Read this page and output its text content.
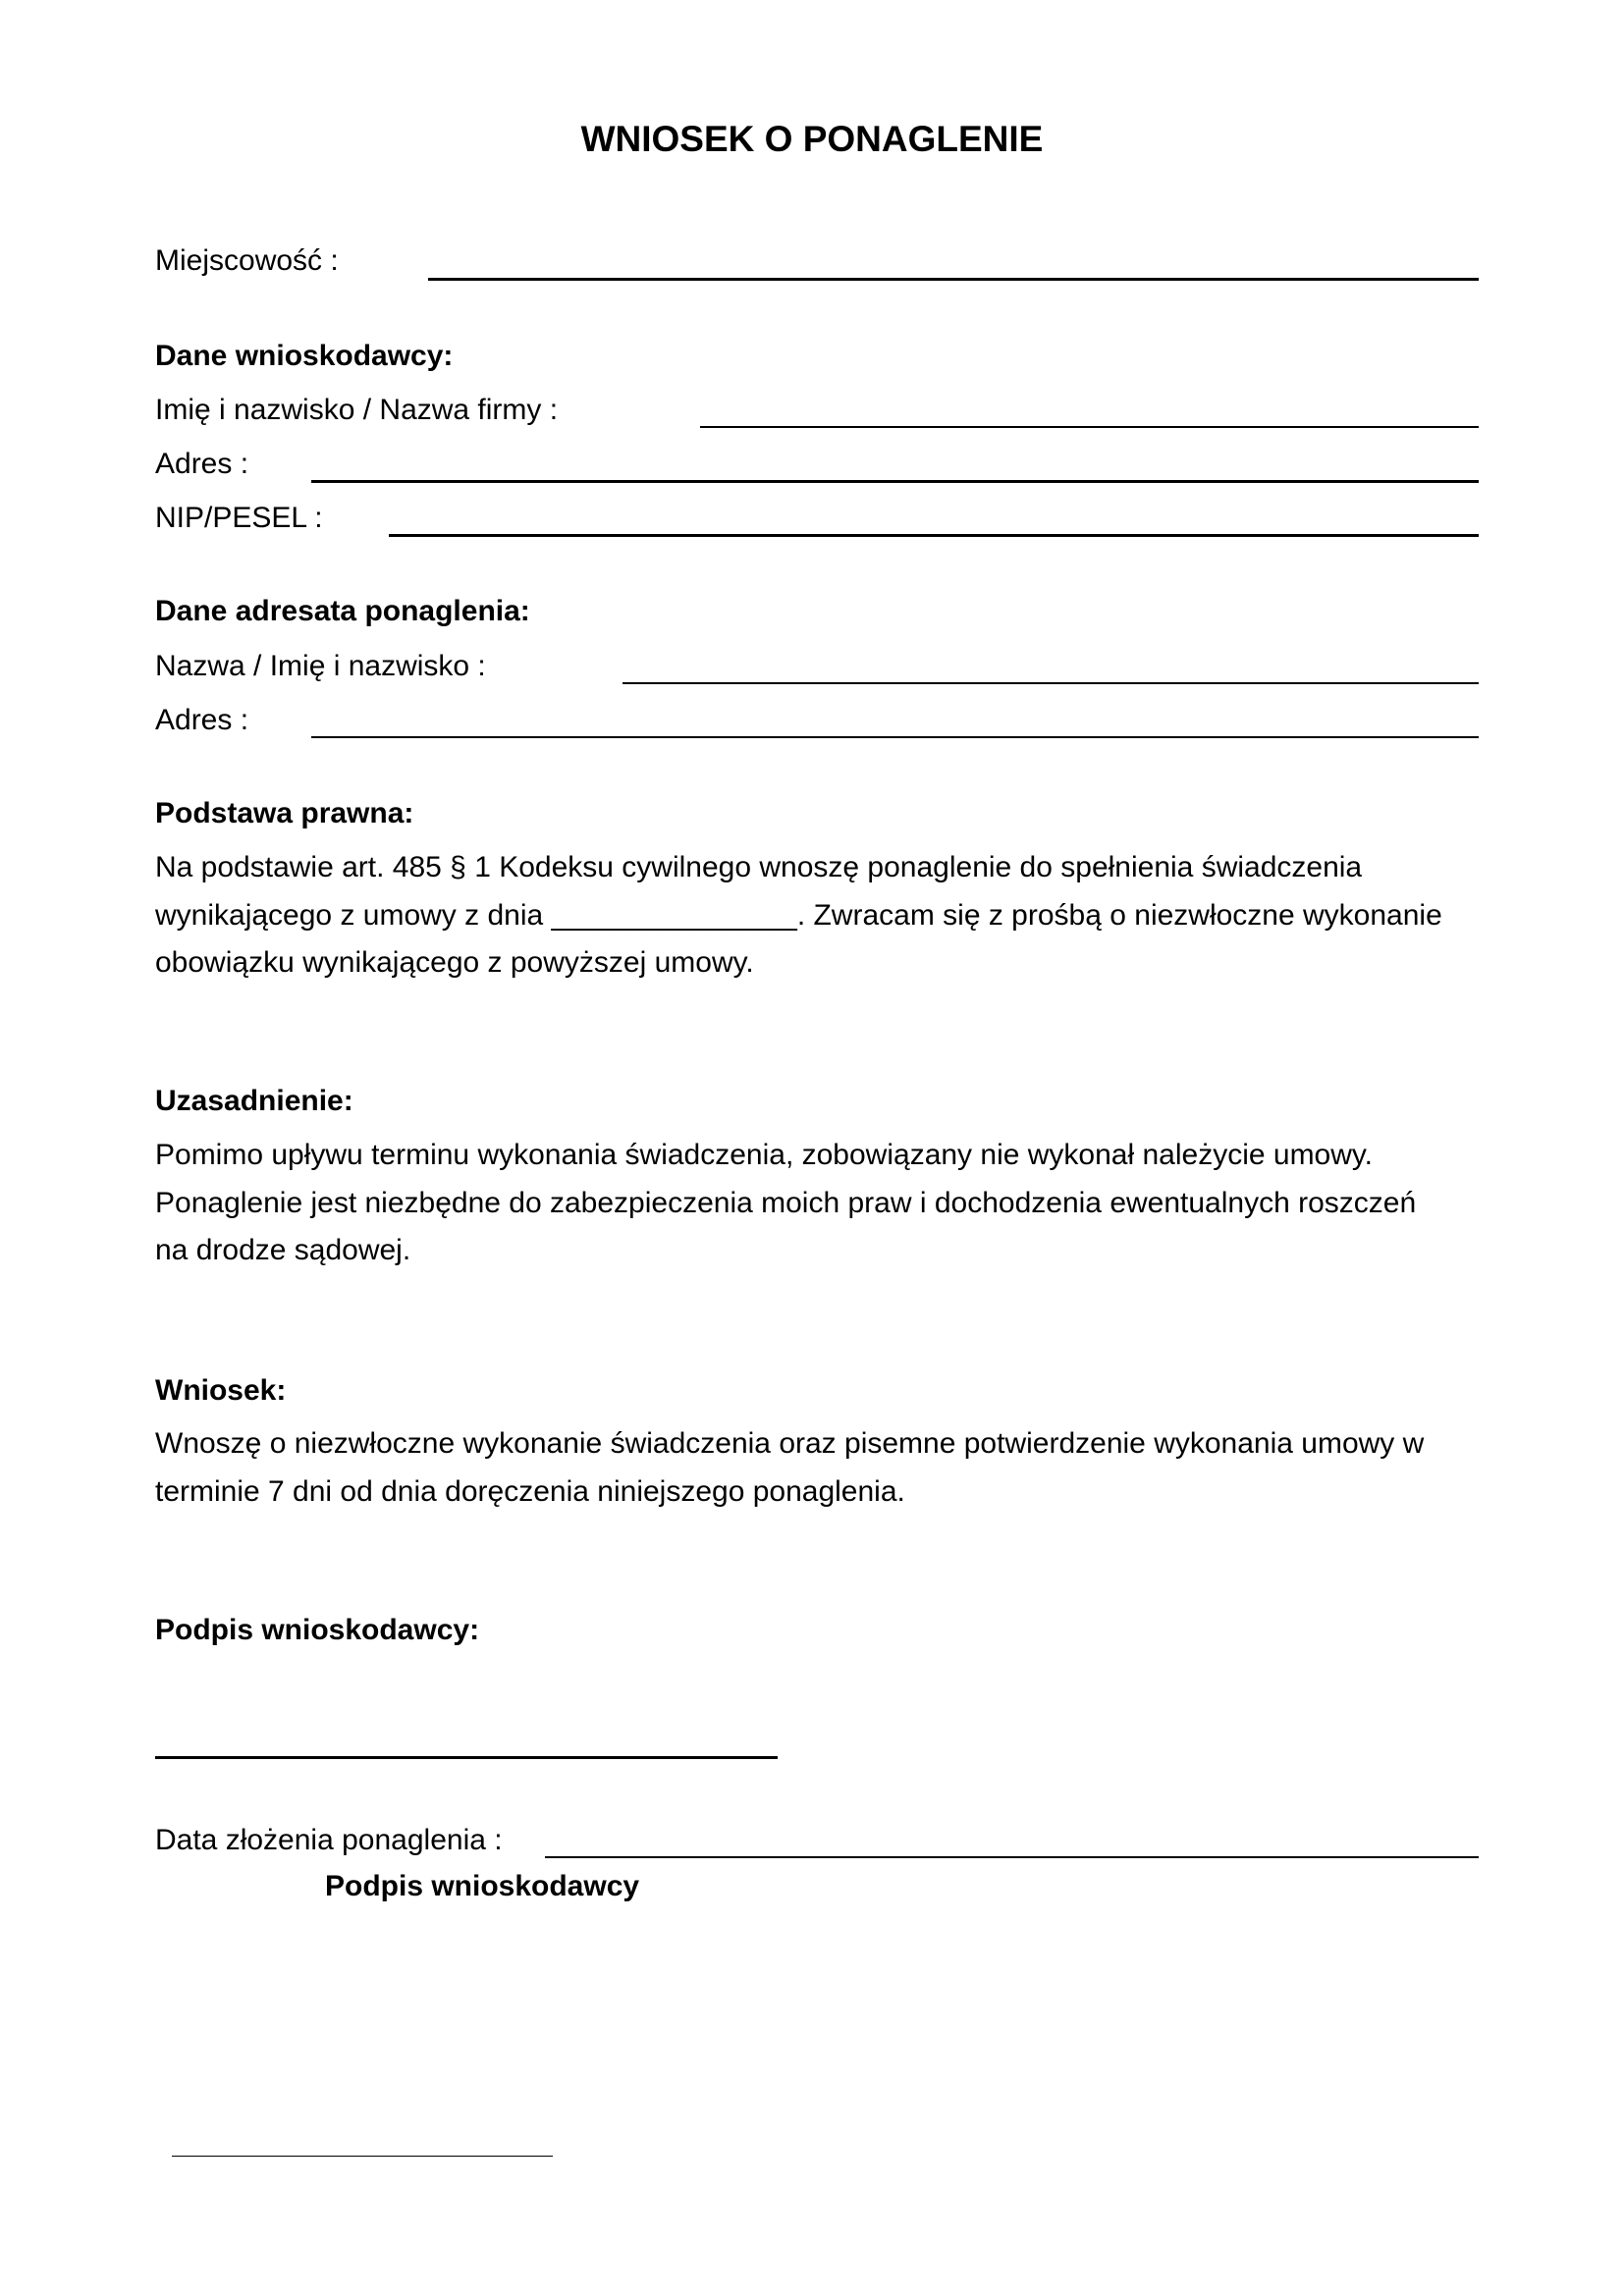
WNIOSEK O PONAGLENIE
Miejscowość :
Dane wnioskodawcy:
Imię i nazwisko / Nazwa firmy :
Adres :
NIP/PESEL :
Dane adresata ponaglenia:
Nazwa / Imię i nazwisko :
Adres :
Podstawa prawna:
Na podstawie art. 485 § 1 Kodeksu cywilnego wnoszę ponaglenie do spełnienia świadczenia
wynikającego z umowy z dnia _______________. Zwracam się z prośbą o niezwłoczne wykonanie
obowiązku wynikającego z powyższej umowy.
Uzasadnienie:
Pomimo upływu terminu wykonania świadczenia, zobowiązany nie wykonał należycie umowy.
Ponaglenie jest niezbędne do zabezpieczenia moich praw i dochodzenia ewentualnych roszczeń
na drodze sądowej.
Wniosek:
Wnoszę o niezwłoczne wykonanie świadczenia oraz pisemne potwierdzenie wykonania umowy w
terminie 7 dni od dnia doręczenia niniejszego ponaglenia.
Podpis wnioskodawcy:
Data złożenia ponaglenia :
Podpis wnioskodawcy
